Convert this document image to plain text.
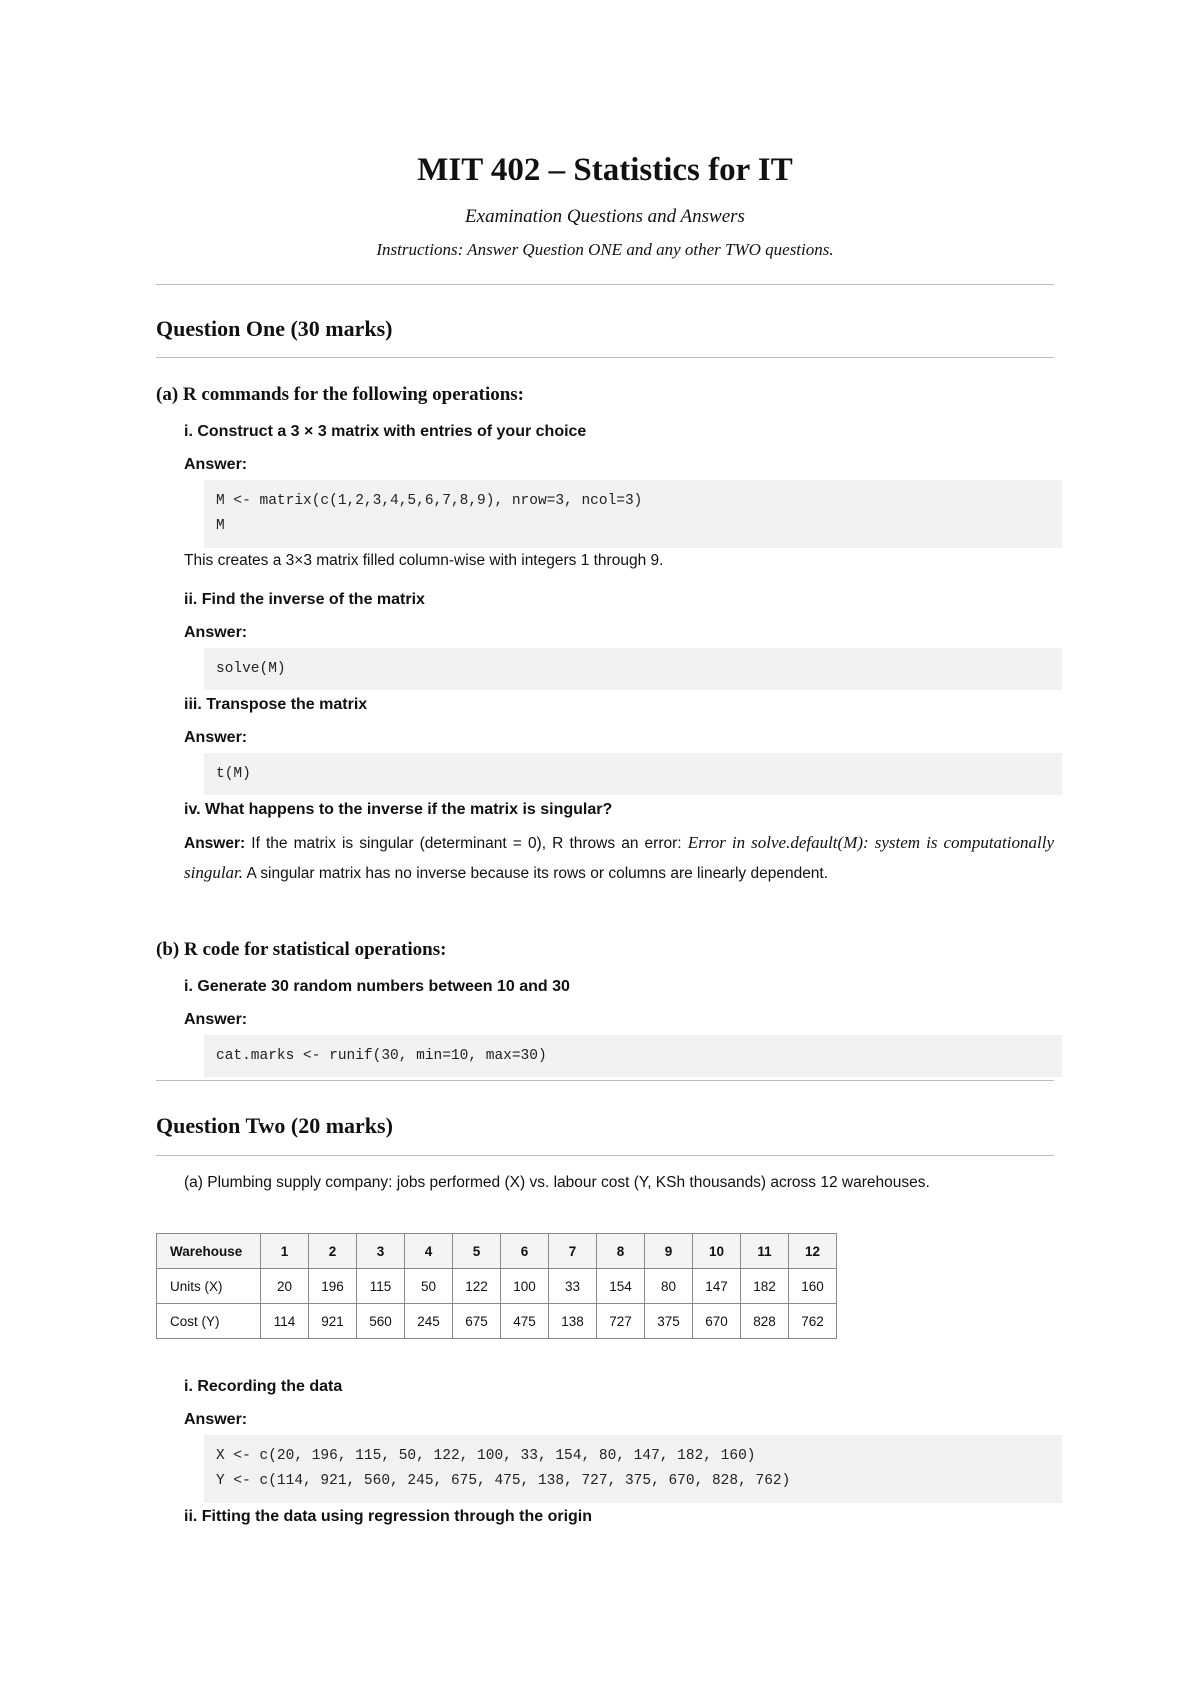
MIT 402 – Statistics for IT

Examination Questions and Answers

Instructions: Answer Question ONE and any other TWO questions.

Question One (30 marks)
(a) R commands for the following operations:
i. Construct a 3 × 3 matrix with entries of your choice
Answer:
M <- matrix(c(1,2,3,4,5,6,7,8,9), nrow=3, ncol=3)
M

This creates a 3×3 matrix filled column-wise with integers 1 through 9.

ii. Find the inverse of the matrix
Answer:
solve(M)
iii. Transpose the matrix
Answer:
t(M)
iv. What happens to the inverse if the matrix is singular?

Answer: If the matrix is singular (determinant = 0), R throws an error: Error in solve.default(M): system is computationally singular. A singular matrix has no inverse because its rows or columns are linearly dependent.

(b) R code for statistical operations:
i. Generate 30 random numbers between 10 and 30
Answer:
cat.marks <- runif(30, min=10, max=30)
Question Two (20 marks)

(a) Plumbing supply company: jobs performed (X) vs. labour cost (Y, KSh thousands) across 12 warehouses.

Warehouse	1	2	3	4	5	6	7	8	9	10	11	12
Units (X)	20	196	115	50	122	100	33	154	80	147	182	160
Cost (Y)	114	921	560	245	675	475	138	727	375	670	828	762
i. Recording the data
Answer:
X <- c(20, 196, 115, 50, 122, 100, 33, 154, 80, 147, 182, 160)
Y <- c(114, 921, 560, 245, 675, 475, 138, 727, 375, 670, 828, 762)
ii. Fitting the data using regression through the origin
